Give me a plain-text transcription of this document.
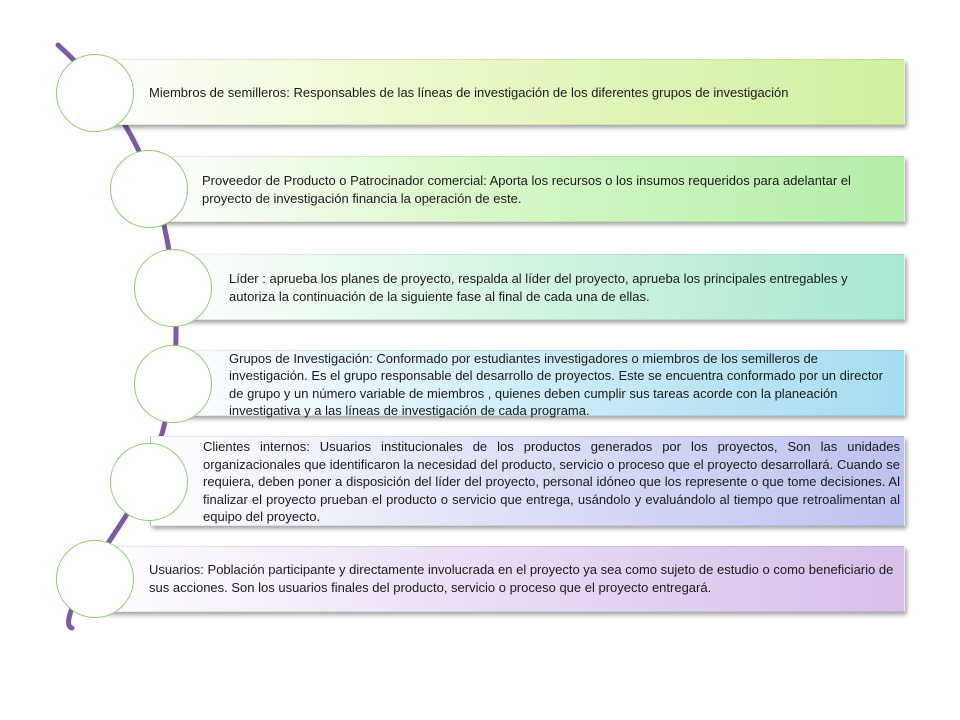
Miembros de semilleros: Responsables de las líneas de investigación de los diferentes grupos de investigación
Proveedor de Producto o Patrocinador comercial: Aporta los recursos o los insumos requeridos para adelantar el proyecto de investigación financia la operación de este.
Líder : aprueba los planes de proyecto, respalda al líder del proyecto, aprueba los principales entregables y autoriza la continuación de la siguiente fase al final de cada una de ellas.
Grupos de Investigación: Conformado por estudiantes investigadores o miembros de los semilleros de investigación. Es el grupo responsable del desarrollo de proyectos. Este se encuentra conformado por un director de grupo y un número variable de miembros , quienes deben cumplir sus tareas acorde con la planeación investigativa y a las líneas de investigación de cada programa.
Clientes internos: Usuarios institucionales de los productos generados por los proyectos, Son las unidades organizacionales que identificaron la necesidad del producto, servicio o proceso que el proyecto desarrollará. Cuando se requiera, deben poner a disposición del líder del proyecto, personal idóneo que los represente o que tome decisiones. Al finalizar el proyecto prueban el producto o servicio que entrega, usándolo y evaluándolo al tiempo que retroalimentan al equipo del proyecto.
Usuarios: Población participante y directamente involucrada en el proyecto ya sea como sujeto de estudio o como beneficiario de sus acciones. Son los usuarios finales del producto, servicio o proceso que el proyecto entregará.
